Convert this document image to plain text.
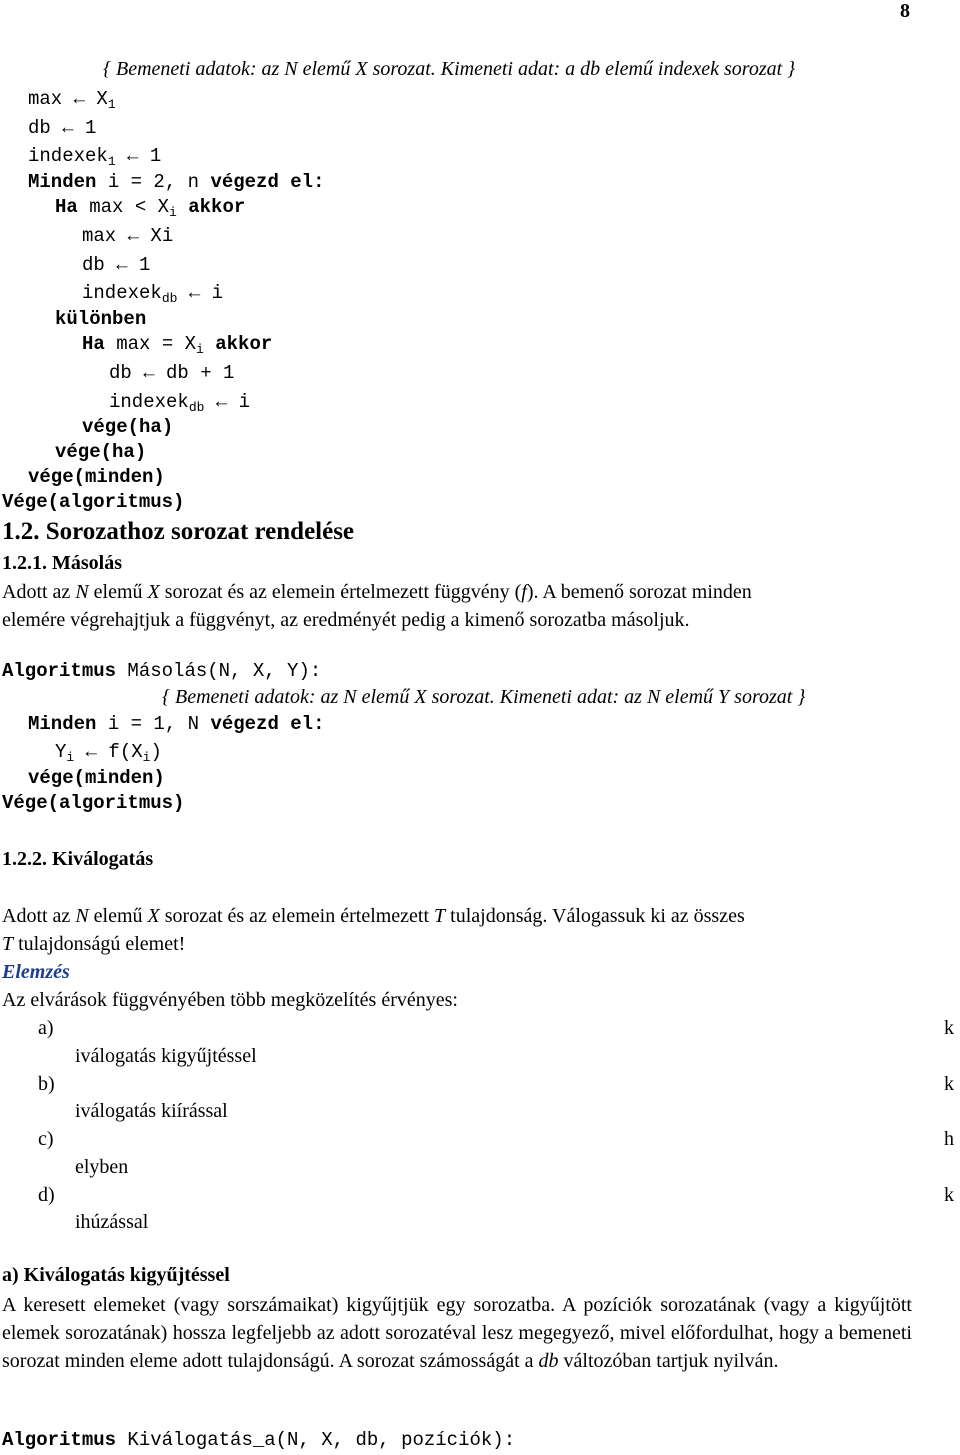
8
{ Bemeneti adatok: az N elemű X sorozat. Kimeneti adat: a db elemű indexek sorozat }
max ← $X_1$
db ← 1
indexek$_1$ ← 1
Minden i = 2, n végezd el:
Ha $\max < X_i$ akkor
max ← Xi
db ← 1
indexek$_{db}$ ← i
különben
Ha $\max = X_i$ akkor
db ← db + 1
indexek$_{db}$ ← i
vége(ha)
vége(ha)
vége(minden)
Vége(algoritmus)
1.2. Sorozathoz sorozat rendelése
1.2.1. Másolás
Adott az N elemű X sorozat és az elemein értelmezett függvény (f). A bemenő sorozat minden
elemére végrehajtjuk a függvényt, az eredményét pedig a kimenő sorozatba másoljuk.
Algoritmus Másolás(N, X, Y):
{ Bemeneti adatok: az N elemű X sorozat. Kimeneti adat: az N elemű Y sorozat }
Minden i = 1, N végezd el:
$Y_i$ ← $f(X_i)$
vége(minden)
Vége(algoritmus)
1.2.2. Kiválogatás
Adott az N elemű X sorozat és az elemein értelmezett T tulajdonság. Válogassuk ki az összes
T tulajdonságú elemet!
Elemzés
Az elvárások függvényében több megközelítés érvényes:
a)	k
iválogatás kigyűjtéssel
b)	k
iválogatás kiírással
c)	h
elyben
d)	k
ihúzással
a) Kiválogatás kigyűjtéssel
A keresett elemeket (vagy sorszámaikat) kigyűjtjük egy sorozatba. A pozíciók sorozatának (vagy a kigyűjtött elemek sorozatának) hossza legfeljebb az adott sorozatéval lesz megegyező, mivel előfordulhat, hogy a bemeneti sorozat minden eleme adott tulajdonságú. A sorozat számosságát a db változóban tartjuk nyilván.
Algoritmus Kiválogatás_a(N, X, db, pozíciók):
